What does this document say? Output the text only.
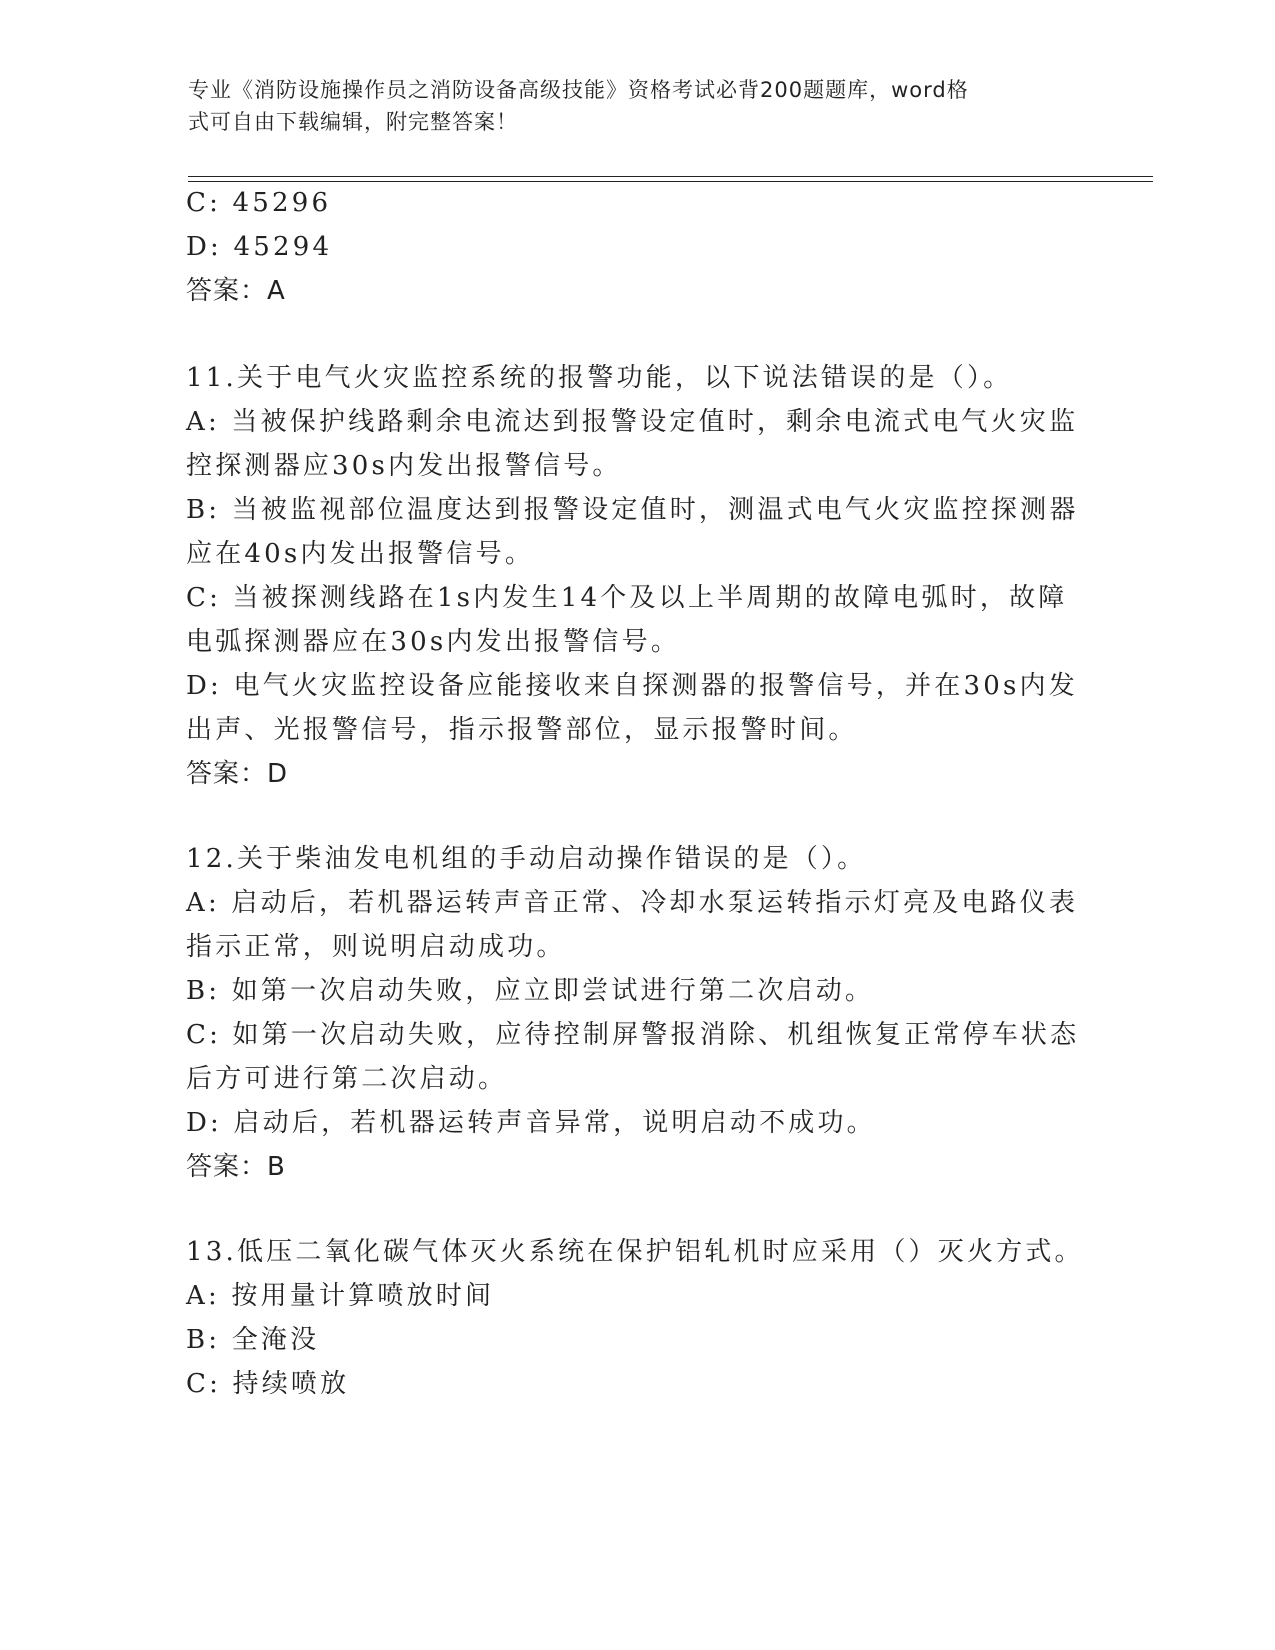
专业《消防设施操作员之消防设备高级技能》资格考试必背200题题库，word格
式可自由下载编辑，附完整答案！
C: 45296
D: 45294
答案：A
11.关于电气火灾监控系统的报警功能，以下说法错误的是（）。
A: 当被保护线路剩余电流达到报警设定值时，剩余电流式电气火灾监
控探测器应30s内发出报警信号。
B: 当被监视部位温度达到报警设定值时，测温式电气火灾监控探测器
应在40s内发出报警信号。
C: 当被探测线路在1s内发生14个及以上半周期的故障电弧时，故障
电弧探测器应在30s内发出报警信号。
D: 电气火灾监控设备应能接收来自探测器的报警信号，并在30s内发
出声、光报警信号，指示报警部位，显示报警时间。
答案：D
12.关于柴油发电机组的手动启动操作错误的是（）。
A: 启动后，若机器运转声音正常、冷却水泵运转指示灯亮及电路仪表
指示正常，则说明启动成功。
B: 如第一次启动失败，应立即尝试进行第二次启动。
C: 如第一次启动失败，应待控制屏警报消除、机组恢复正常停车状态
后方可进行第二次启动。
D: 启动后，若机器运转声音异常，说明启动不成功。
答案：B
13.低压二氧化碳气体灭火系统在保护铝轧机时应采用（）灭火方式。
A: 按用量计算喷放时间
B: 全淹没
C: 持续喷放
